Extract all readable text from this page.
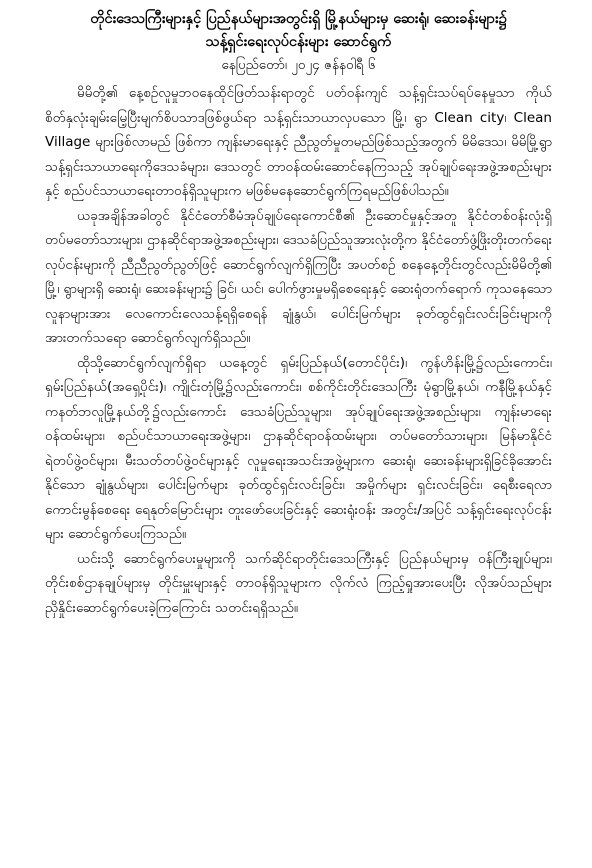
တိုင်းဒေသကြီးများနှင့် ပြည်နယ်များအတွင်းရှိ မြို့နယ်များမှ ဆေးရုံ၊ ဆေးခန်းများ၌
သန့်ရှင်းရေးလုပ်ငန်းများ ဆောင်ရွက်
နေပြည်တော်၊ ၂၀၂၄ ဇန်နဝါရီ ၆

မိမိတို့၏ နေ့စဉ်လူမှုဘဝနေထိုင်ဖြတ်သန်းရာတွင် ပတ်ဝန်းကျင် သန့်ရှင်းသပ်ရပ်နေမှုသာ ကိုယ်စိတ်နှလုံးချမ်းမြေ့ပြီးမျက်စိပသာဒဖြစ်ဖွယ်ရာ သန့်ရှင်းသာယာလှပသော မြို့၊ ရွာ Clean city၊ Clean Village များဖြစ်လာမည် ဖြစ်ကာ ကျန်းမာရေးနှင့် ညီညွတ်မှုတမည်ဖြစ်သည့်အတွက် မိမိဒေသ၊ မိမိမြို့ရွာ သန့်ရှင်းသာယာရေးကိုဒေသခံများ၊ ဒေသတွင် တာဝန်ထမ်းဆောင်နေကြသည့် အုပ်ချုပ်ရေးအဖွဲ့အစည်းများနှင့် စည်ပင်သာယာရေးတာဝန်ရှိသူများက မဖြစ်မနေဆောင်ရွက်ကြရမည်ဖြစ်ပါသည်။

ယခုအချိန်အခါတွင် နိုင်ငံတော်စီမံအုပ်ချုပ်ရေးကောင်စီ၏ ဦးဆောင်မှုနှင့်အတူ နိုင်ငံတစ်ဝန်းလုံးရှိ တပ်မတော်သားများ၊ ဌာနဆိုင်ရာအဖွဲ့အစည်းများ၊ ဒေသခံပြည်သူအားလုံးတို့က နိုင်ငံတော်ဖွံ့ဖြိုးတိုးတက်ရေးလုပ်ငန်းများကို ညီညီညွတ်ညွတ်ဖြင့် ဆောင်ရွက်လျက်ရှိကြပြီး အပတ်စဉ် စနေနေ့တိုင်းတွင်လည်းမိမိတို့၏ မြို့၊ ရွာများရှိ ဆေးရုံ၊ ဆေးခန်းများ၌ ခြင်၊ ယင်၊ ပေါက်ဖွားမှုမရှိစေရေးနှင့် ဆေးရုံတက်ရောက် ကုသနေသော လူနာများအား လေကောင်းလေသန့်ရရှိစေရန် ချုံနွယ်၊ ပေါင်းမြက်များ ခုတ်ထွင်ရှင်းလင်းခြင်းများကို အားတက်သရော ဆောင်ရွက်လျက်ရှိသည်။

ထိုသို့ဆောင်ရွက်လျက်ရှိရာ ယနေ့တွင် ရှမ်းပြည်နယ်(တောင်ပိုင်း)၊ ကွန်ဟိန်းမြို့၌လည်းကောင်း၊ ရှမ်းပြည်နယ်(အရှေ့ပိုင်း)၊ ကျိုင်းတုံမြို့၌လည်းကောင်း၊ စစ်ကိုင်းတိုင်းဒေသကြီး မုံရွာမြို့နယ်၊ ကနီမြို့နယ်နှင့် ကနတ်ဘလူမြို့နယ်တို့၌လည်းကောင်း ဒေသခံပြည်သူများ၊ အုပ်ချုပ်ရေးအဖွဲ့အစည်းများ၊ ကျန်းမာရေးဝန်ထမ်းများ၊ စည်ပင်သာယာရေးအဖွဲ့များ၊ ဌာနဆိုင်ရာဝန်ထမ်းများ၊ တပ်မတော်သားများ၊ မြန်မာနိုင်ငံရဲတပ်ဖွဲ့ဝင်များ၊ မီးသတ်တပ်ဖွဲ့ဝင်များနှင့် လူမှုရေးအသင်းအဖွဲ့များက ဆေးရုံ၊ ဆေးခန်းများရှိခြင်ခိုအောင်းနိုင်သော ချုံနွယ်များ၊ ပေါင်းမြက်များ ခုတ်ထွင်ရှင်းလင်းခြင်း၊ အမှိုက်များ ရှင်းလင်းခြင်း၊ ရေစီးရေလာ ကောင်းမွန်စေရေး ရေနုတ်မြောင်းများ တူးဖော်ပေးခြင်းနှင့် ဆေးရုံးဝန်း အတွင်း/အပြင် သန့်ရှင်းရေးလုပ်ငန်းများ ဆောင်ရွက်ပေးကြသည်။

ယင်းသို့ ဆောင်ရွက်ပေးမှုများကို သက်ဆိုင်ရာတိုင်းဒေသကြီးနှင့် ပြည်နယ်များမှ ဝန်ကြီးချုပ်များ၊ တိုင်းစစ်ဌာနချုပ်များမှ တိုင်းမှူးများနှင့် တာဝန်ရှိသူများက လိုက်လံ ကြည့်ရှုအားပေးပြီး လိုအပ်သည်များ ညှိနှိုင်းဆောင်ရွက်ပေးခဲ့ကြကြောင်း သတင်းရရှိသည်။
